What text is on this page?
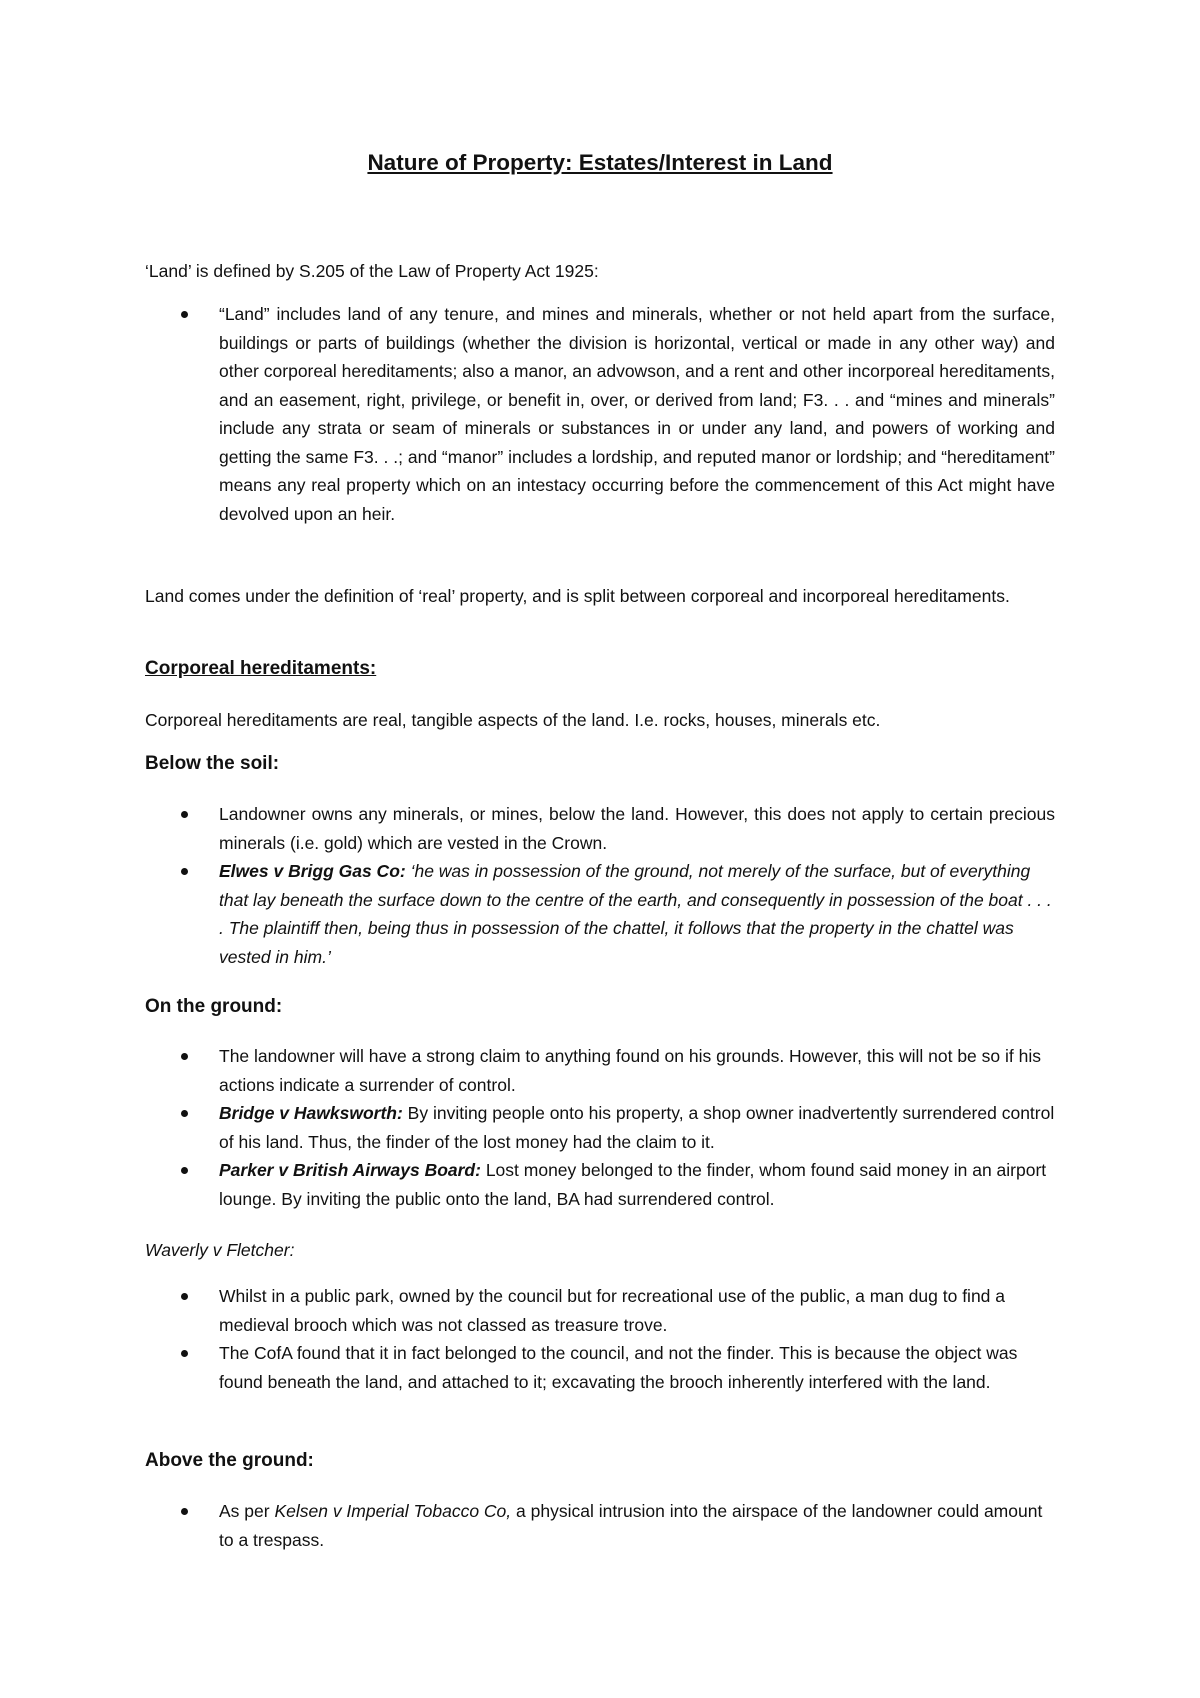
Nature of Property: Estates/Interest in Land
‘Land’ is defined by S.205 of the Law of Property Act 1925:
“Land” includes land of any tenure, and mines and minerals, whether or not held apart from the surface, buildings or parts of buildings (whether the division is horizontal, vertical or made in any other way) and other corporeal hereditaments; also a manor, an advowson, and a rent and other incorporeal hereditaments, and an easement, right, privilege, or benefit in, over, or derived from land; F3. . . and “mines and minerals” include any strata or seam of minerals or substances in or under any land, and powers of working and getting the same F3. . .; and “manor” includes a lordship, and reputed manor or lordship; and “hereditament” means any real property which on an intestacy occurring before the commencement of this Act might have devolved upon an heir.

Land comes under the definition of ‘real’ property, and is split between corporeal and incorporeal hereditaments.

Corporeal hereditaments:

Corporeal hereditaments are real, tangible aspects of the land. I.e. rocks, houses, minerals etc.

Below the soil:
Landowner owns any minerals, or mines, below the land. However, this does not apply to certain precious minerals (i.e. gold) which are vested in the Crown.
Elwes v Brigg Gas Co: ‘he was in possession of the ground, not merely of the surface, but of everything that lay beneath the surface down to the centre of the earth, and consequently in possession of the boat . . . . The plaintiff then, being thus in possession of the chattel, it follows that the property in the chattel was vested in him.’
On the ground:
The landowner will have a strong claim to anything found on his grounds. However, this will not be so if his actions indicate a surrender of control.
Bridge v Hawksworth: By inviting people onto his property, a shop owner inadvertently surrendered control of his land. Thus, the finder of the lost money had the claim to it.
Parker v British Airways Board: Lost money belonged to the finder, whom found said money in an airport lounge. By inviting the public onto the land, BA had surrendered control.

Waverly v Fletcher:

Whilst in a public park, owned by the council but for recreational use of the public, a man dug to find a medieval brooch which was not classed as treasure trove.
The CofA found that it in fact belonged to the council, and not the finder. This is because the object was found beneath the land, and attached to it; excavating the brooch inherently interfered with the land.
Above the ground:
As per Kelsen v Imperial Tobacco Co, a physical intrusion into the airspace of the landowner could amount to a trespass.
